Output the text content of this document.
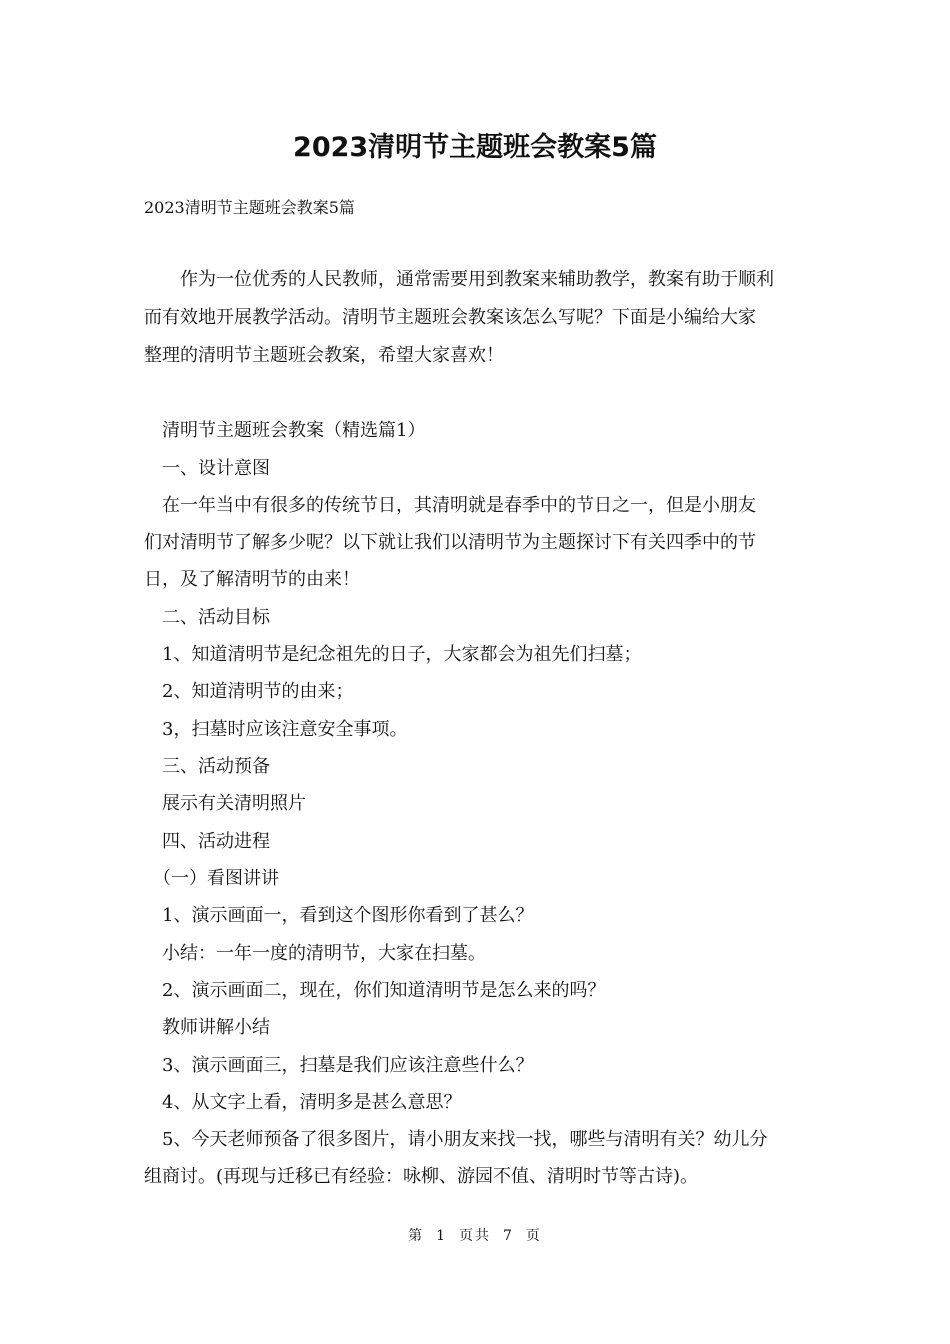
2023清明节主题班会教案5篇

2023清明节主题班会教案5篇

　　作为一位优秀的人民教师，通常需要用到教案来辅助教学，教案有助于顺利

而有效地开展教学活动。清明节主题班会教案该怎么写呢？下面是小编给大家

整理的清明节主题班会教案，希望大家喜欢！

　清明节主题班会教案（精选篇1）

　一、设计意图

　在一年当中有很多的传统节日，其清明就是春季中的节日之一，但是小朋友

们对清明节了解多少呢？以下就让我们以清明节为主题探讨下有关四季中的节

日，及了解清明节的由来！

　二、活动目标

　1、知道清明节是纪念祖先的日子，大家都会为祖先们扫墓；

　2、知道清明节的由来；

　3，扫墓时应该注意安全事项。

　三、活动预备

　展示有关清明照片

　四、活动进程

　（一）看图讲讲

　1、演示画面一，看到这个图形你看到了甚么？

　小结：一年一度的清明节，大家在扫墓。

　2、演示画面二，现在，你们知道清明节是怎么来的吗？

　教师讲解小结

　3、演示画面三，扫墓是我们应该注意些什么？

　4、从文字上看，清明多是甚么意思？

　5、今天老师预备了很多图片，请小朋友来找一找，哪些与清明有关？幼儿分

组商讨。(再现与迁移已有经验：咏柳、游园不值、清明时节等古诗)。

第 1 页共 7 页
